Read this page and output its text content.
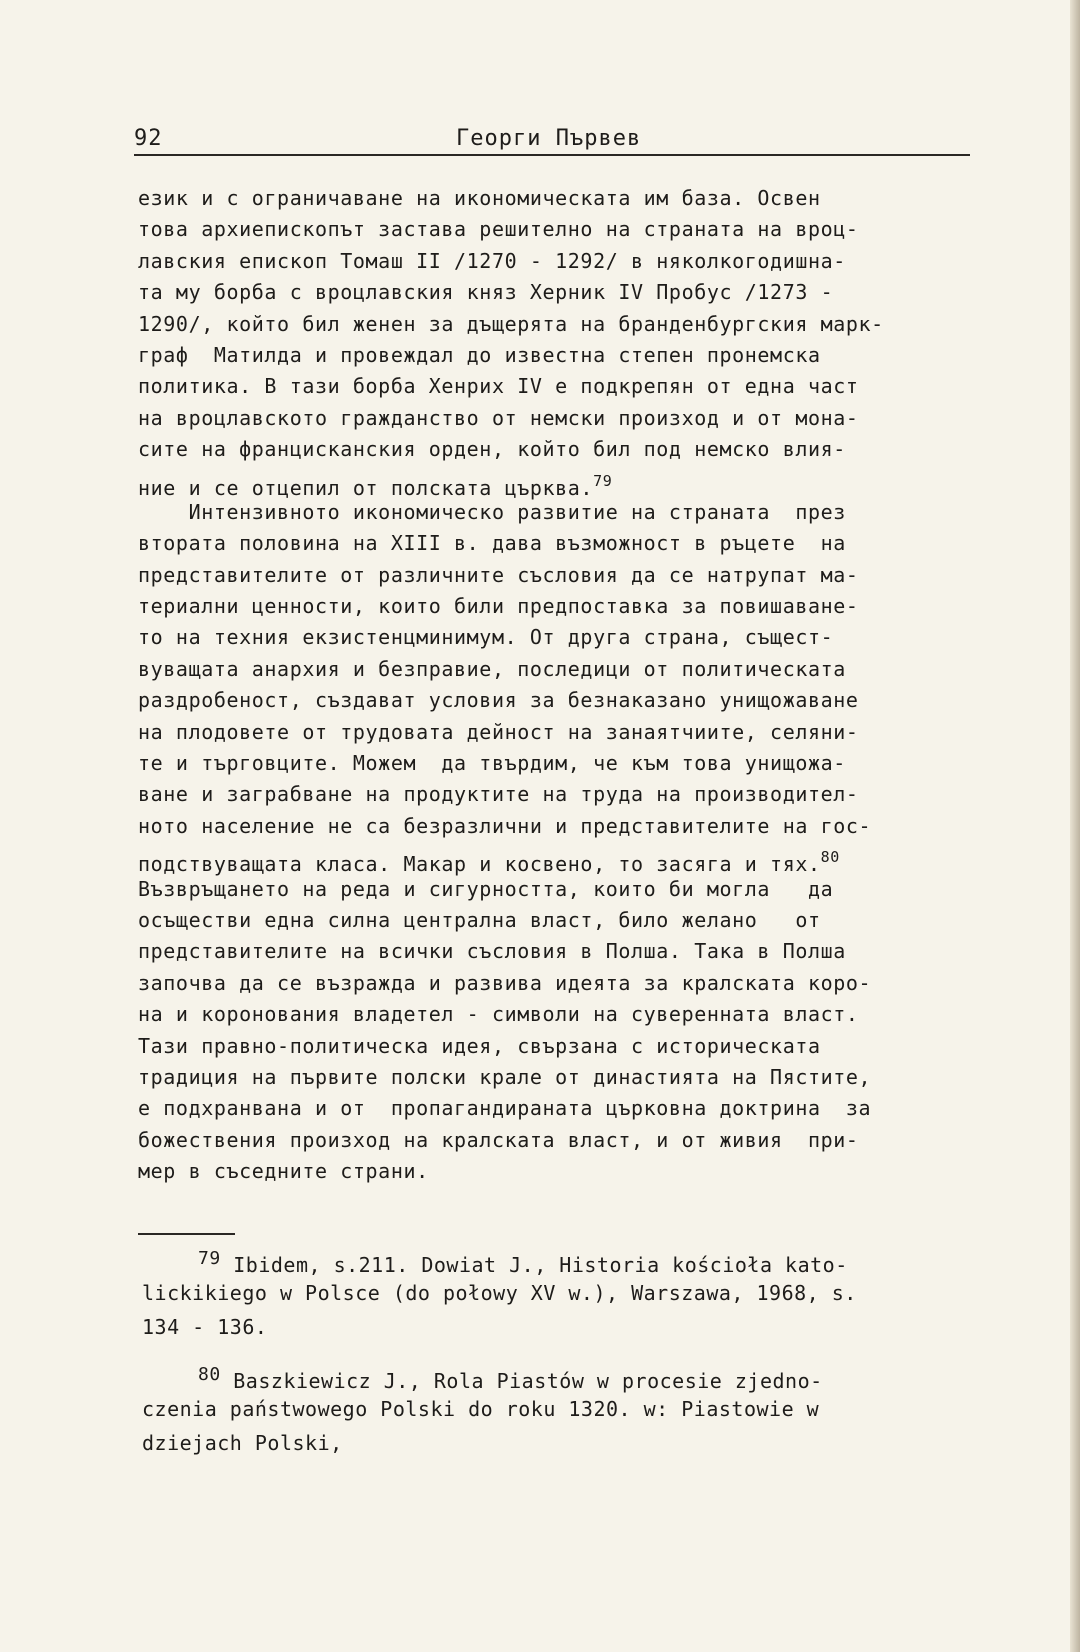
92	Георги Първев
език и с ограничаване на икономическата им база. Освен
това архиепископът застава решително на страната на вроц-
лавския епископ Томаш II /1270 - 1292/ в няколкогодишна-
та му борба с вроцлавския княз Херник IV Пробус /1273 -
1290/, който бил женен за дъщерята на бранденбургския марк-
граф  Матилда и провеждал до известна степен пронемска
политика. В тази борба Хенрих IV е подкрепян от една част
на вроцлавското гражданство от немски произход и от мона-
сите на францисканския орден, който бил под немско влия-
ние и се отцепил от полската църква.$^{79}$
Интензивното икономическо развитие на страната  през
втората половина на XIII в. дава възможност в ръцете  на
представителите от различните съсловия да се натрупат ма-
териални ценности, които били предпоставка за повишаване-
то на техния екзистенцминимум. От друга страна, същест-
вуващата анархия и безправие, последици от политическата
раздробеност, създават условия за безнаказано унищожаване
на плодовете от трудовата дейност на занаятчиите, селяни-
те и търговците. Можем  да твърдим, че към това унищожа-
ване и заграбване на продуктите на труда на производител-
ното население не са безразлични и представителите на гос-
подствуващата класа. Макар и косвено, то засяга и тях.$^{80}$
Възвръщането на реда и сигурността, които би могла   да
осъществи една силна централна власт, било желано   от
представителите на всички съсловия в Полша. Така в Полша
започва да се възражда и развива идеята за кралската коро-
на и коронования владетел - символи на суверенната власт.
Тази правно-политическа идея, свързана с историческата
традиция на първите полски крале от династията на Пястите,
е подхранвана и от  пропагандираната църковна доктрина  за
божествения произход на кралската власт, и от живия  при-
мер в съседните страни.
79 Ibidem, s.211. Dowiat J., Historia kościoła kato-
lickikiego w Polsce (do połowy XV w.), Warszawa, 1968, s.
134 - 136.
80 Baszkiewicz J., Rola Piastów w procesie zjedno-
czenia państwowego Polski do roku 1320. w: Piastowie w
dziejach Polski,
